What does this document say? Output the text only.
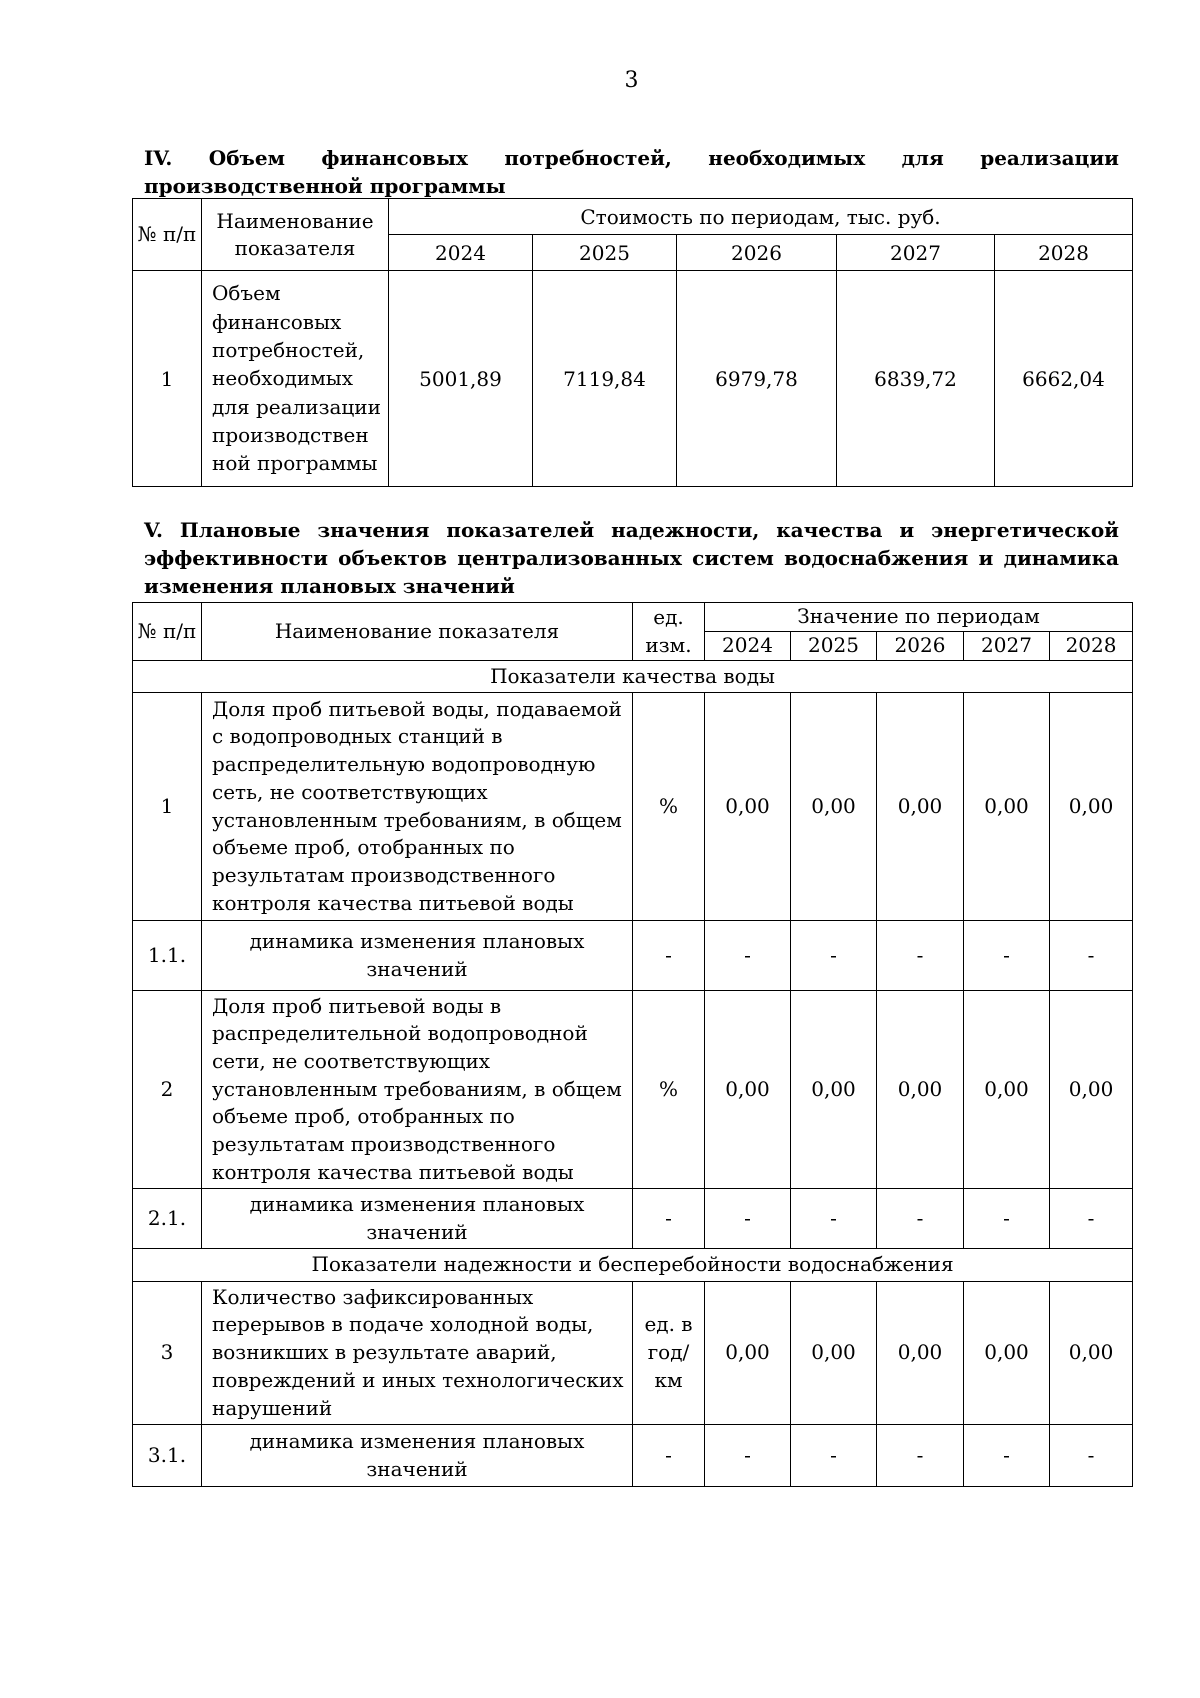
3
IV. Объем финансовых потребностей, необходимых для реализации производственной программы
№ п/п	Наименование показателя	Стоимость по периодам, тыс. руб.				
		2024	2025	2026	2027	2028
1	Объем финансовых потребностей, необходимых для реализации производствен ной программы	5001,89	7119,84	6979,78	6839,72	6662,04
V. Плановые значения показателей надежности, качества и энергетической эффективности объектов централизованных систем водоснабжения и динамика изменения плановых значений
№ п/п	Наименование показателя	ед. изм.	Значение по периодам				
			2024	2025	2026	2027	2028
Показатели качества воды							
1	Доля проб питьевой воды, подаваемой с водопроводных станций в распределительную водопроводную сеть, не соответствующих установленным требованиям, в общем объеме проб, отобранных по результатам производственного контроля качества питьевой воды	%	0,00	0,00	0,00	0,00	0,00
1.1.	динамика изменения плановых значений	-	-	-	-	-	-
2	Доля проб питьевой воды в распределительной водопроводной сети, не соответствующих установленным требованиям, в общем объеме проб, отобранных по результатам производственного контроля качества питьевой воды	%	0,00	0,00	0,00	0,00	0,00
2.1.	динамика изменения плановых значений	-	-	-	-	-	-
Показатели надежности и бесперебойности водоснабжения							
3	Количество зафиксированных перерывов в подаче холодной воды, возникших в результате аварий, повреждений и иных технологических нарушений	ед. в год/ км	0,00	0,00	0,00	0,00	0,00
3.1.	динамика изменения плановых значений	-	-	-	-	-	-
